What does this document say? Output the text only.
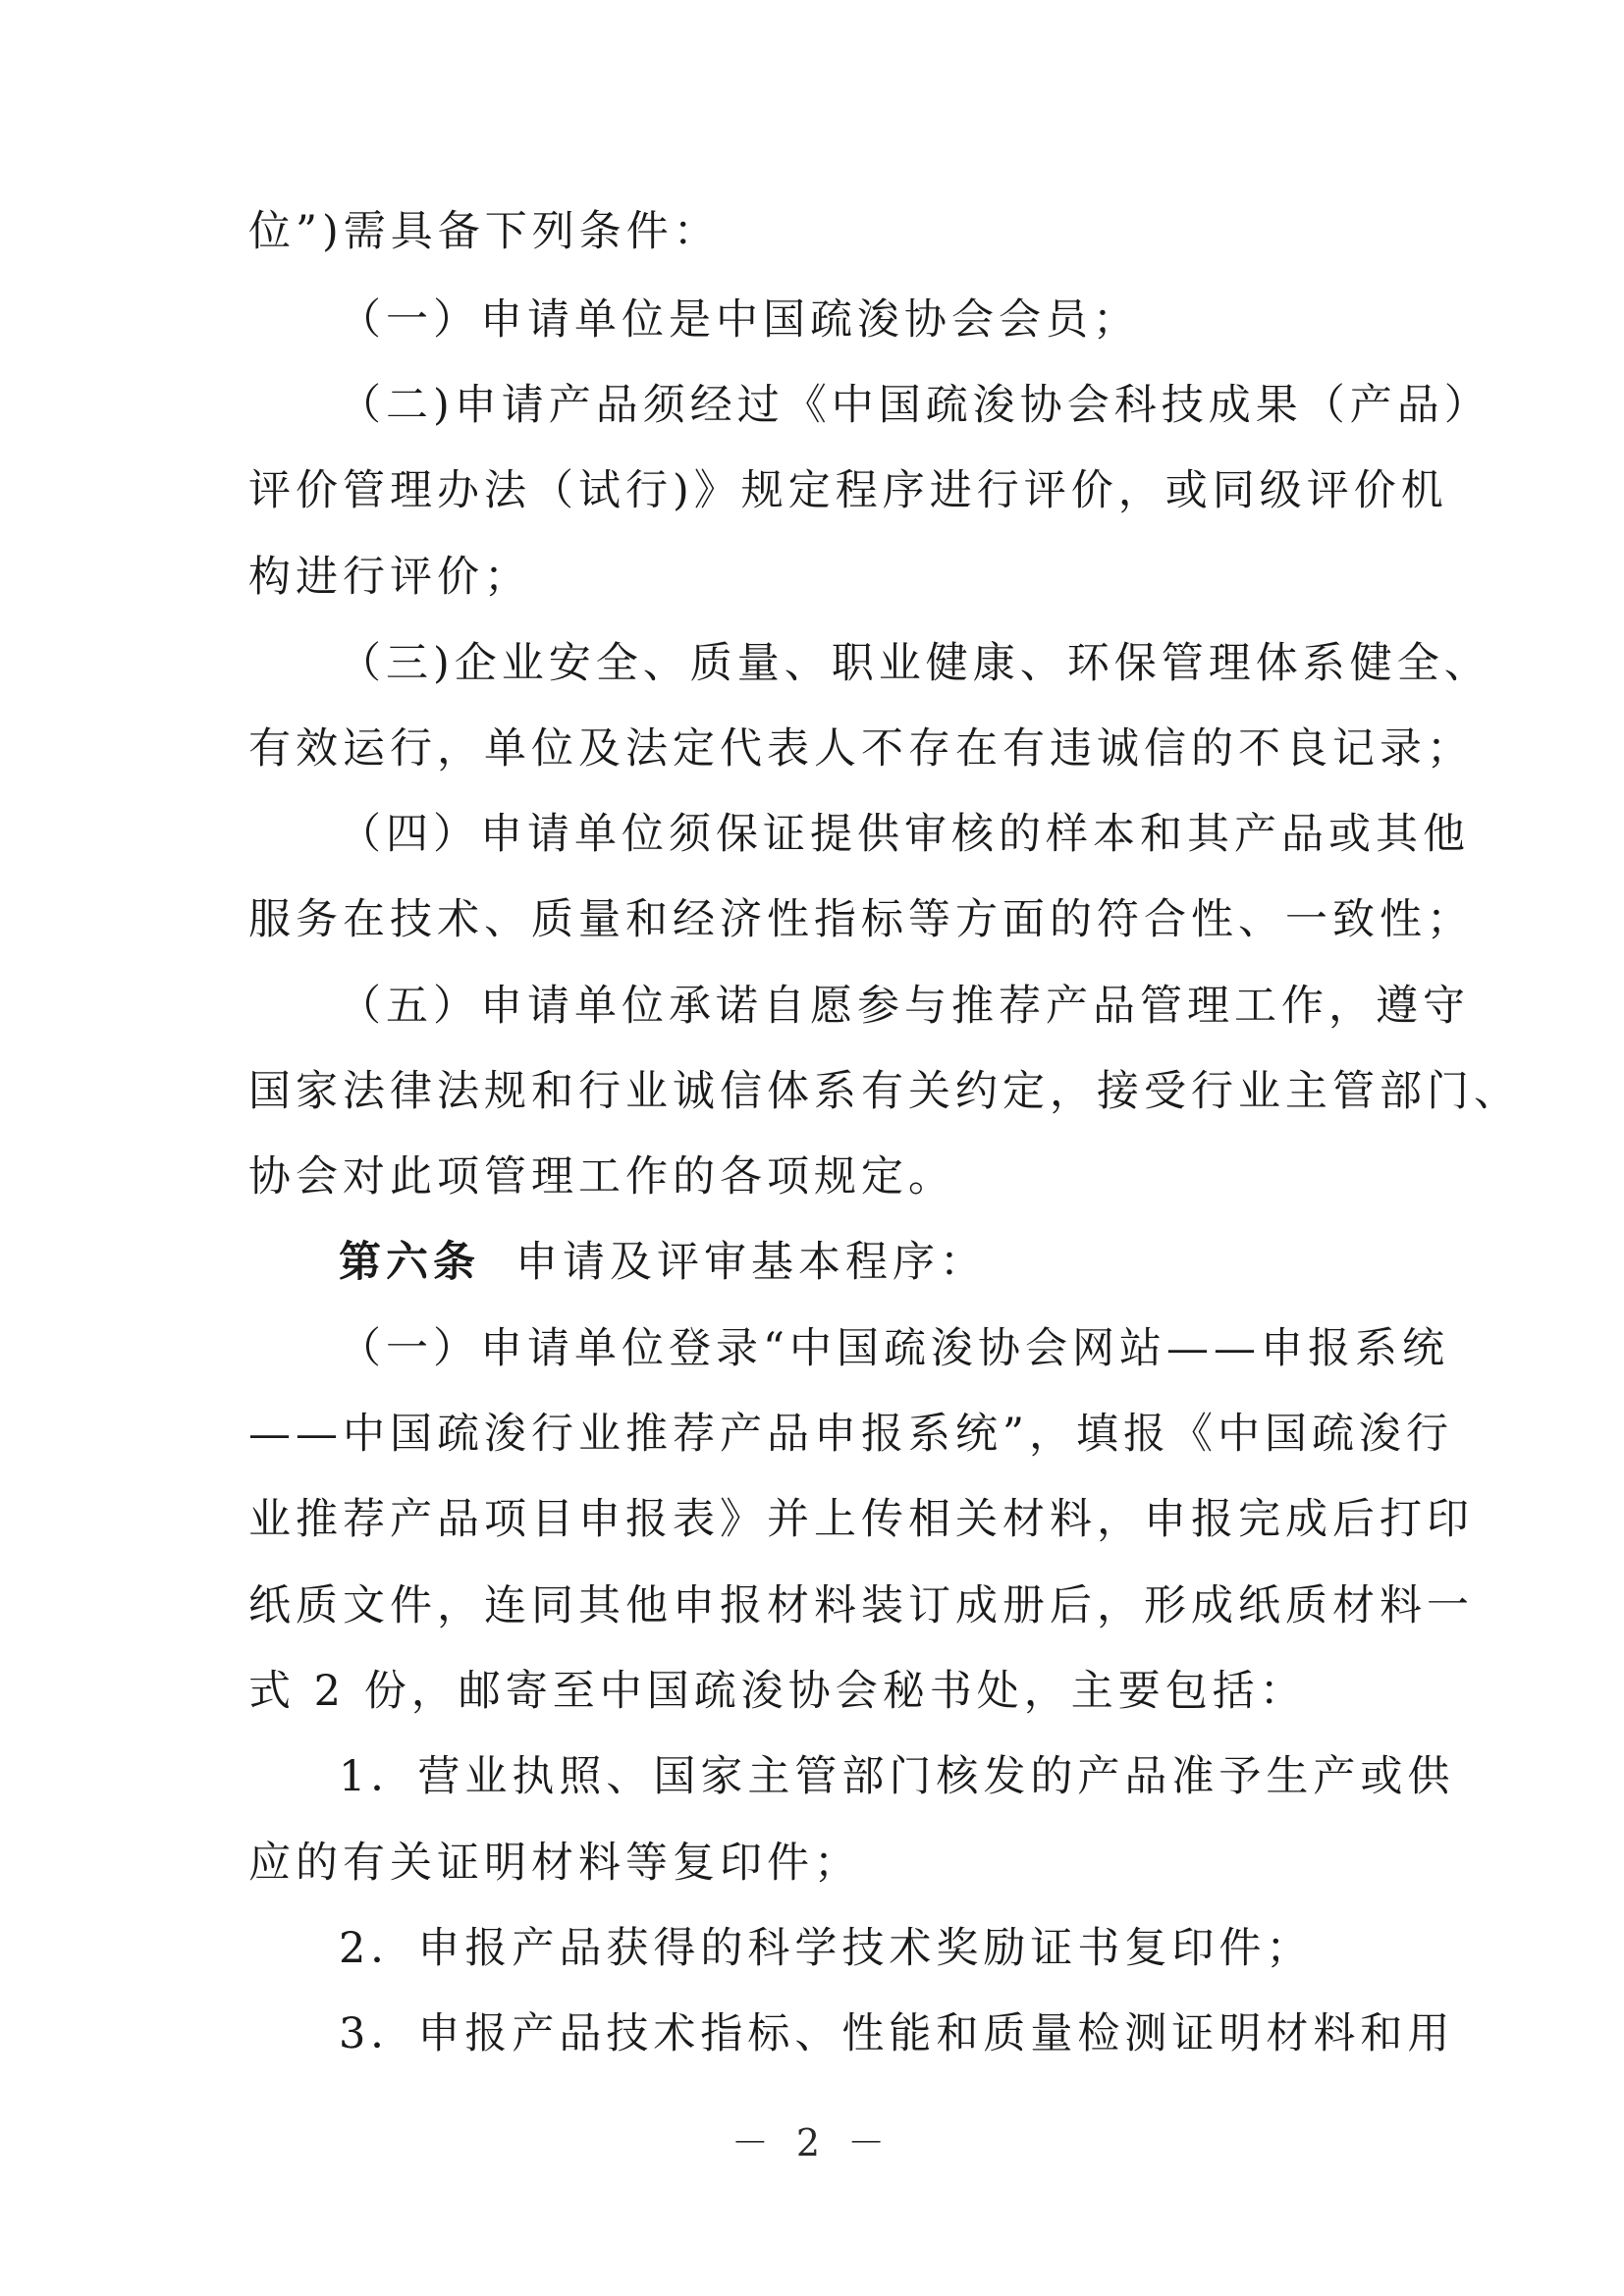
位”)需具备下列条件：
（一）申请单位是中国疏浚协会会员；
（二)申请产品须经过《中国疏浚协会科技成果（产品）
评价管理办法（试行)》规定程序进行评价，或同级评价机
构进行评价；
（三)企业安全、质量、职业健康、环保管理体系健全、
有效运行，单位及法定代表人不存在有违诚信的不良记录；
（四）申请单位须保证提供审核的样本和其产品或其他
服务在技术、质量和经济性指标等方面的符合性、一致性；
（五）申请单位承诺自愿参与推荐产品管理工作，遵守
国家法律法规和行业诚信体系有关约定，接受行业主管部门、
协会对此项管理工作的各项规定。
第六条 申请及评审基本程序：
（一）申请单位登录“中国疏浚协会网站——申报系统
——中国疏浚行业推荐产品申报系统”，填报《中国疏浚行
业推荐产品项目申报表》并上传相关材料，申报完成后打印
纸质文件，连同其他申报材料装订成册后，形成纸质材料一
式 2 份，邮寄至中国疏浚协会秘书处，主要包括：
1．营业执照、国家主管部门核发的产品准予生产或供
应的有关证明材料等复印件；
2．申报产品获得的科学技术奖励证书复印件；
3．申报产品技术指标、性能和质量检测证明材料和用
－ 2 －
